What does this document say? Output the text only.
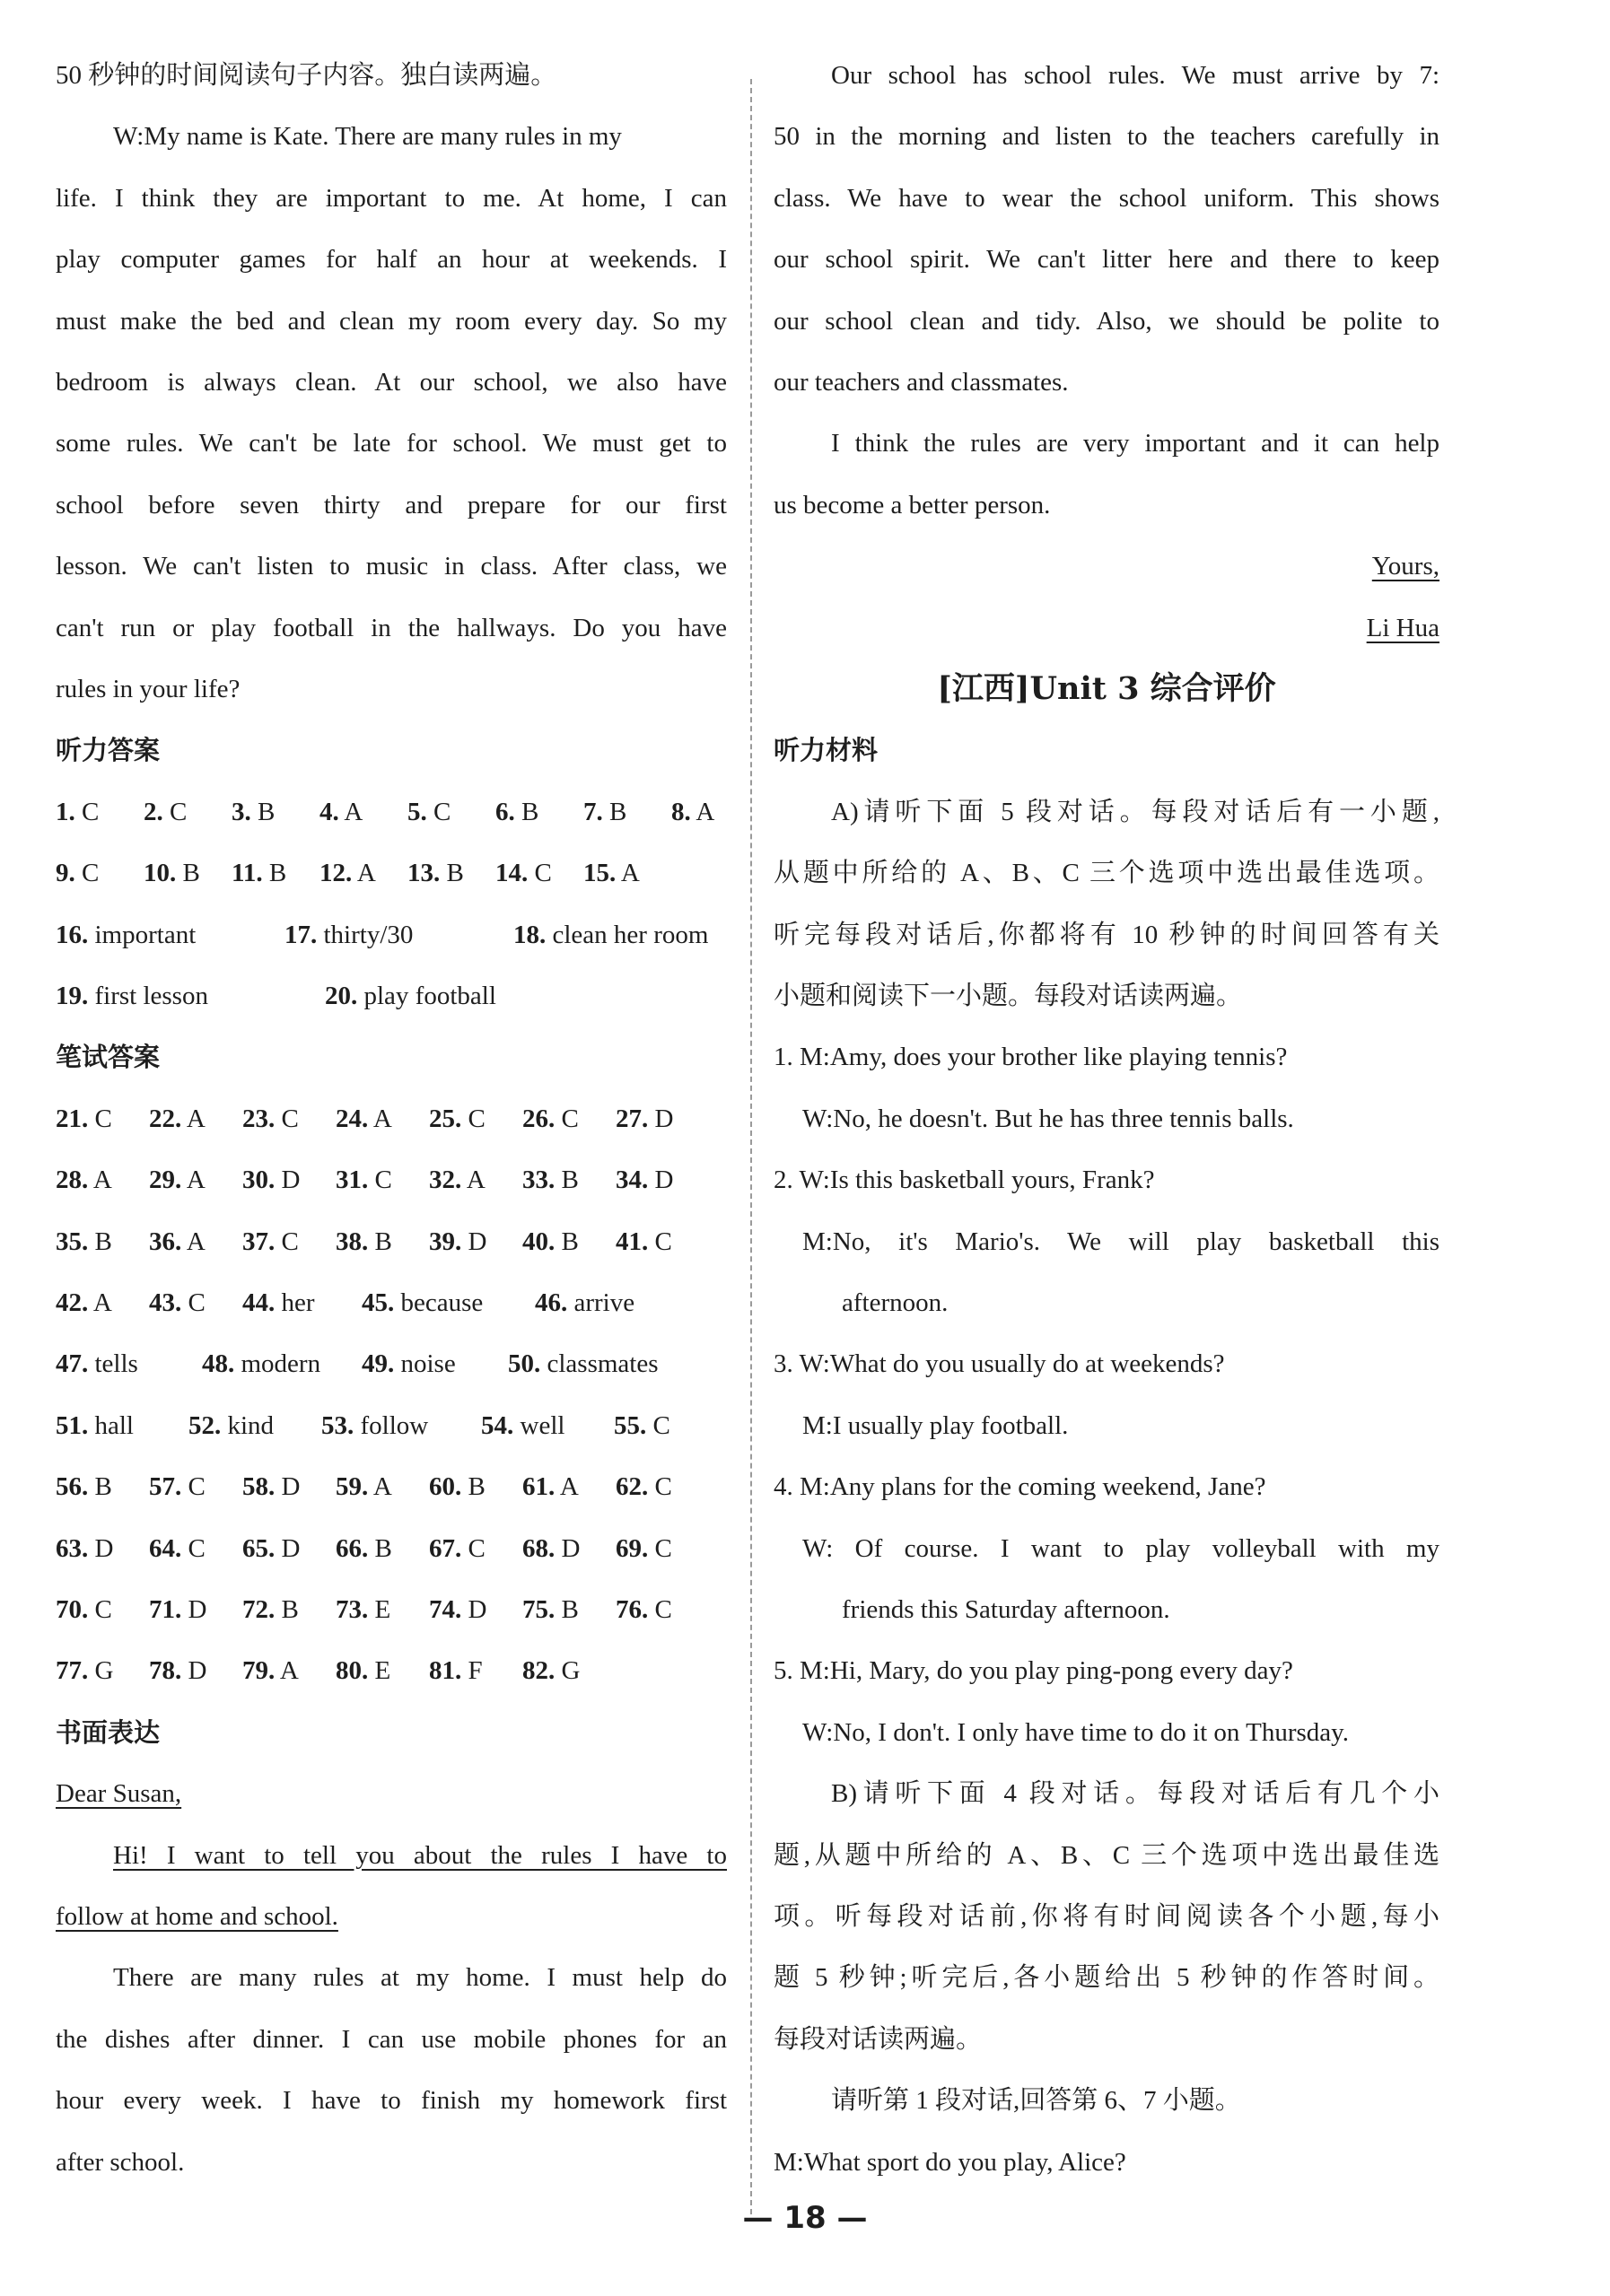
50 秒钟的时间阅读句子内容。独白读两遍。
W:My name is Kate. There are many rules in my
life. I think they are important to me. At home, I can
play computer games for half an hour at weekends. I
must make the bed and clean my room every day. So my
bedroom is always clean. At our school, we also have
some rules. We can't be late for school. We must get to
school before seven thirty and prepare for our first
lesson. We can't listen to music in class. After class, we
can't run or play football in the hallways. Do you have
rules in your life?
听力答案
1. C 2. C 3. B 4. A 5. C 6. B 7. B 8. A
9. C 10. B 11. B 12. A 13. B 14. C 15. A
16. important	17. thirty/30	18. clean her room
19. first lesson	20. play football
笔试答案
21. C 22. A 23. C 24. A 25. C 26. C 27. D
28. A 29. A 30. D 31. C 32. A 33. B 34. D
35. B 36. A 37. C 38. B 39. D 40. B 41. C
42. A 43. C 44. her 45. because 46. arrive
47. tells 48. modern 49. noise 50. classmates
51. hall 52. kind 53. follow 54. well 55. C
56. B 57. C 58. D 59. A 60. B 61. A 62. C
63. D 64. C 65. D 66. B 67. C 68. D 69. C
70. C 71. D 72. B 73. E 74. D 75. B 76. C
77. G 78. D 79. A 80. E 81. F 82. G
书面表达
Dear Susan,
Hi! I want to tell you about the rules I have to
follow at home and school.
There are many rules at my home. I must help do
the dishes after dinner. I can use mobile phones for an
hour every week. I have to finish my homework first
after school.
Our school has school rules. We must arrive by 7:
50 in the morning and listen to the teachers carefully in
class. We have to wear the school uniform. This shows
our school spirit. We can't litter here and there to keep
our school clean and tidy. Also, we should be polite to
our teachers and classmates.
I think the rules are very important and it can help
us become a better person.
Yours,
Li Hua
[江西]Unit 3 综合评价
听力材料
A)请听下面 5 段对话。每段对话后有一小题,
从题中所给的 A、B、C 三个选项中选出最佳选项。
听完每段对话后,你都将有 10 秒钟的时间回答有关
小题和阅读下一小题。每段对话读两遍。
1. M:Amy, does your brother like playing tennis?
W:No, he doesn't. But he has three tennis balls.
2. W:Is this basketball yours, Frank?
M:No, it's Mario's. We will play basketball this
afternoon.
3. W:What do you usually do at weekends?
M:I usually play football.
4. M:Any plans for the coming weekend, Jane?
W: Of course. I want to play volleyball with my
friends this Saturday afternoon.
5. M:Hi, Mary, do you play ping-pong every day?
W:No, I don't. I only have time to do it on Thursday.
B)请听下面 4 段对话。每段对话后有几个小
题,从题中所给的 A、B、C 三个选项中选出最佳选
项。听每段对话前,你将有时间阅读各个小题,每小
题 5 秒钟;听完后,各小题给出 5 秒钟的作答时间。
每段对话读两遍。
请听第 1 段对话,回答第 6、7 小题。
M:What sport do you play, Alice?
— 18 —
